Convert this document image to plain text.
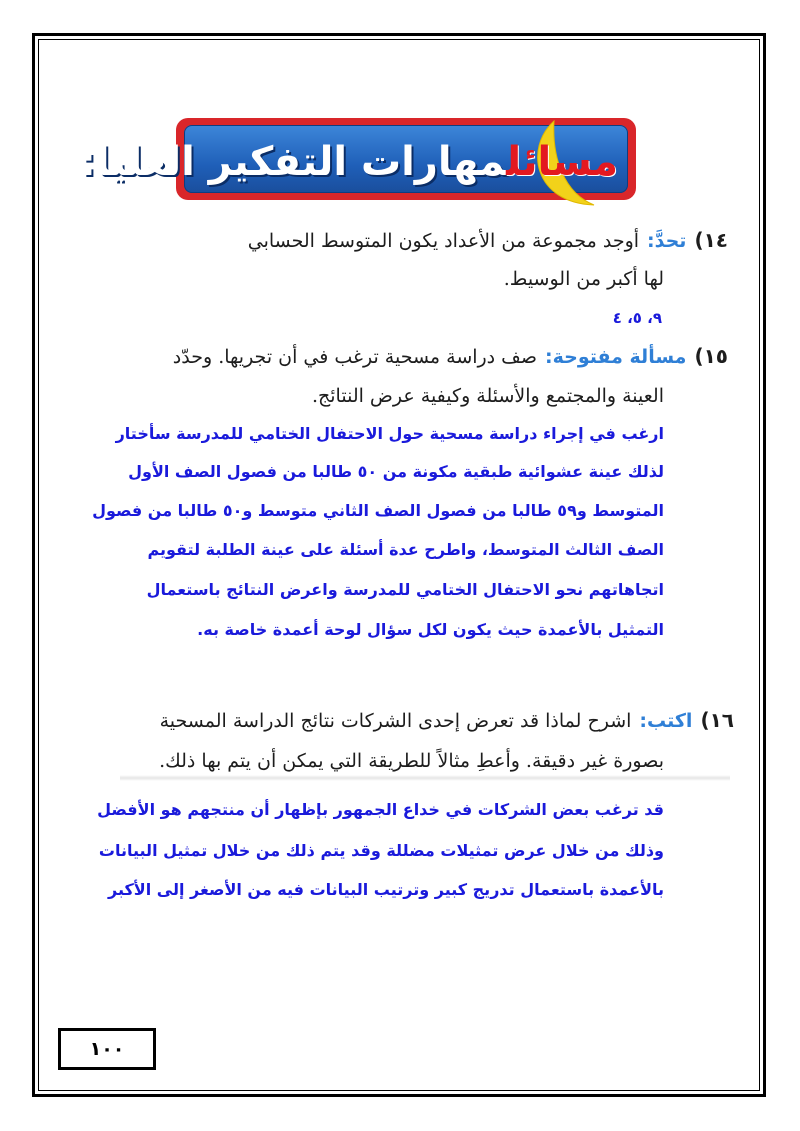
مسائلمهارات التفكير العليا:
١٤)تحدَّ:أوجد مجموعة من الأعداد يكون المتوسط الحسابي
لها أكبر من الوسيط.
٩، ٥، ٤
١٥)مسألة مفتوحة:صف دراسة مسحية ترغب في أن تجريها. وحدّد
العينة والمجتمع والأسئلة وكيفية عرض النتائج.
ارغب في إجراء دراسة مسحية حول الاحتفال الختامي للمدرسة سأختار
لذلك عينة عشوائية طبقية مكونة من ٥٠ طالبا من فصول الصف الأول
المتوسط و٥٩ طالبا من فصول الصف الثاني متوسط و٥٠ طالبا من فصول
الصف الثالث المتوسط، واطرح عدة أسئلة على عينة الطلبة لتقويم
اتجاهاتهم نحو الاحتفال الختامي للمدرسة واعرض النتائج باستعمال
التمثيل بالأعمدة حيث يكون لكل سؤال لوحة أعمدة خاصة به.
١٦)اكتب:اشرح لماذا قد تعرض إحدى الشركات نتائج الدراسة المسحية
بصورة غير دقيقة. وأعطِ مثالاً للطريقة التي يمكن أن يتم بها ذلك.
قد ترغب بعض الشركات في خداع الجمهور بإظهار أن منتجهم هو الأفضل
وذلك من خلال عرض تمثيلات مضللة وقد يتم ذلك من خلال تمثيل البيانات
بالأعمدة باستعمال تدريج كبير وترتيب البيانات فيه من الأصغر إلى الأكبر
١٠٠
